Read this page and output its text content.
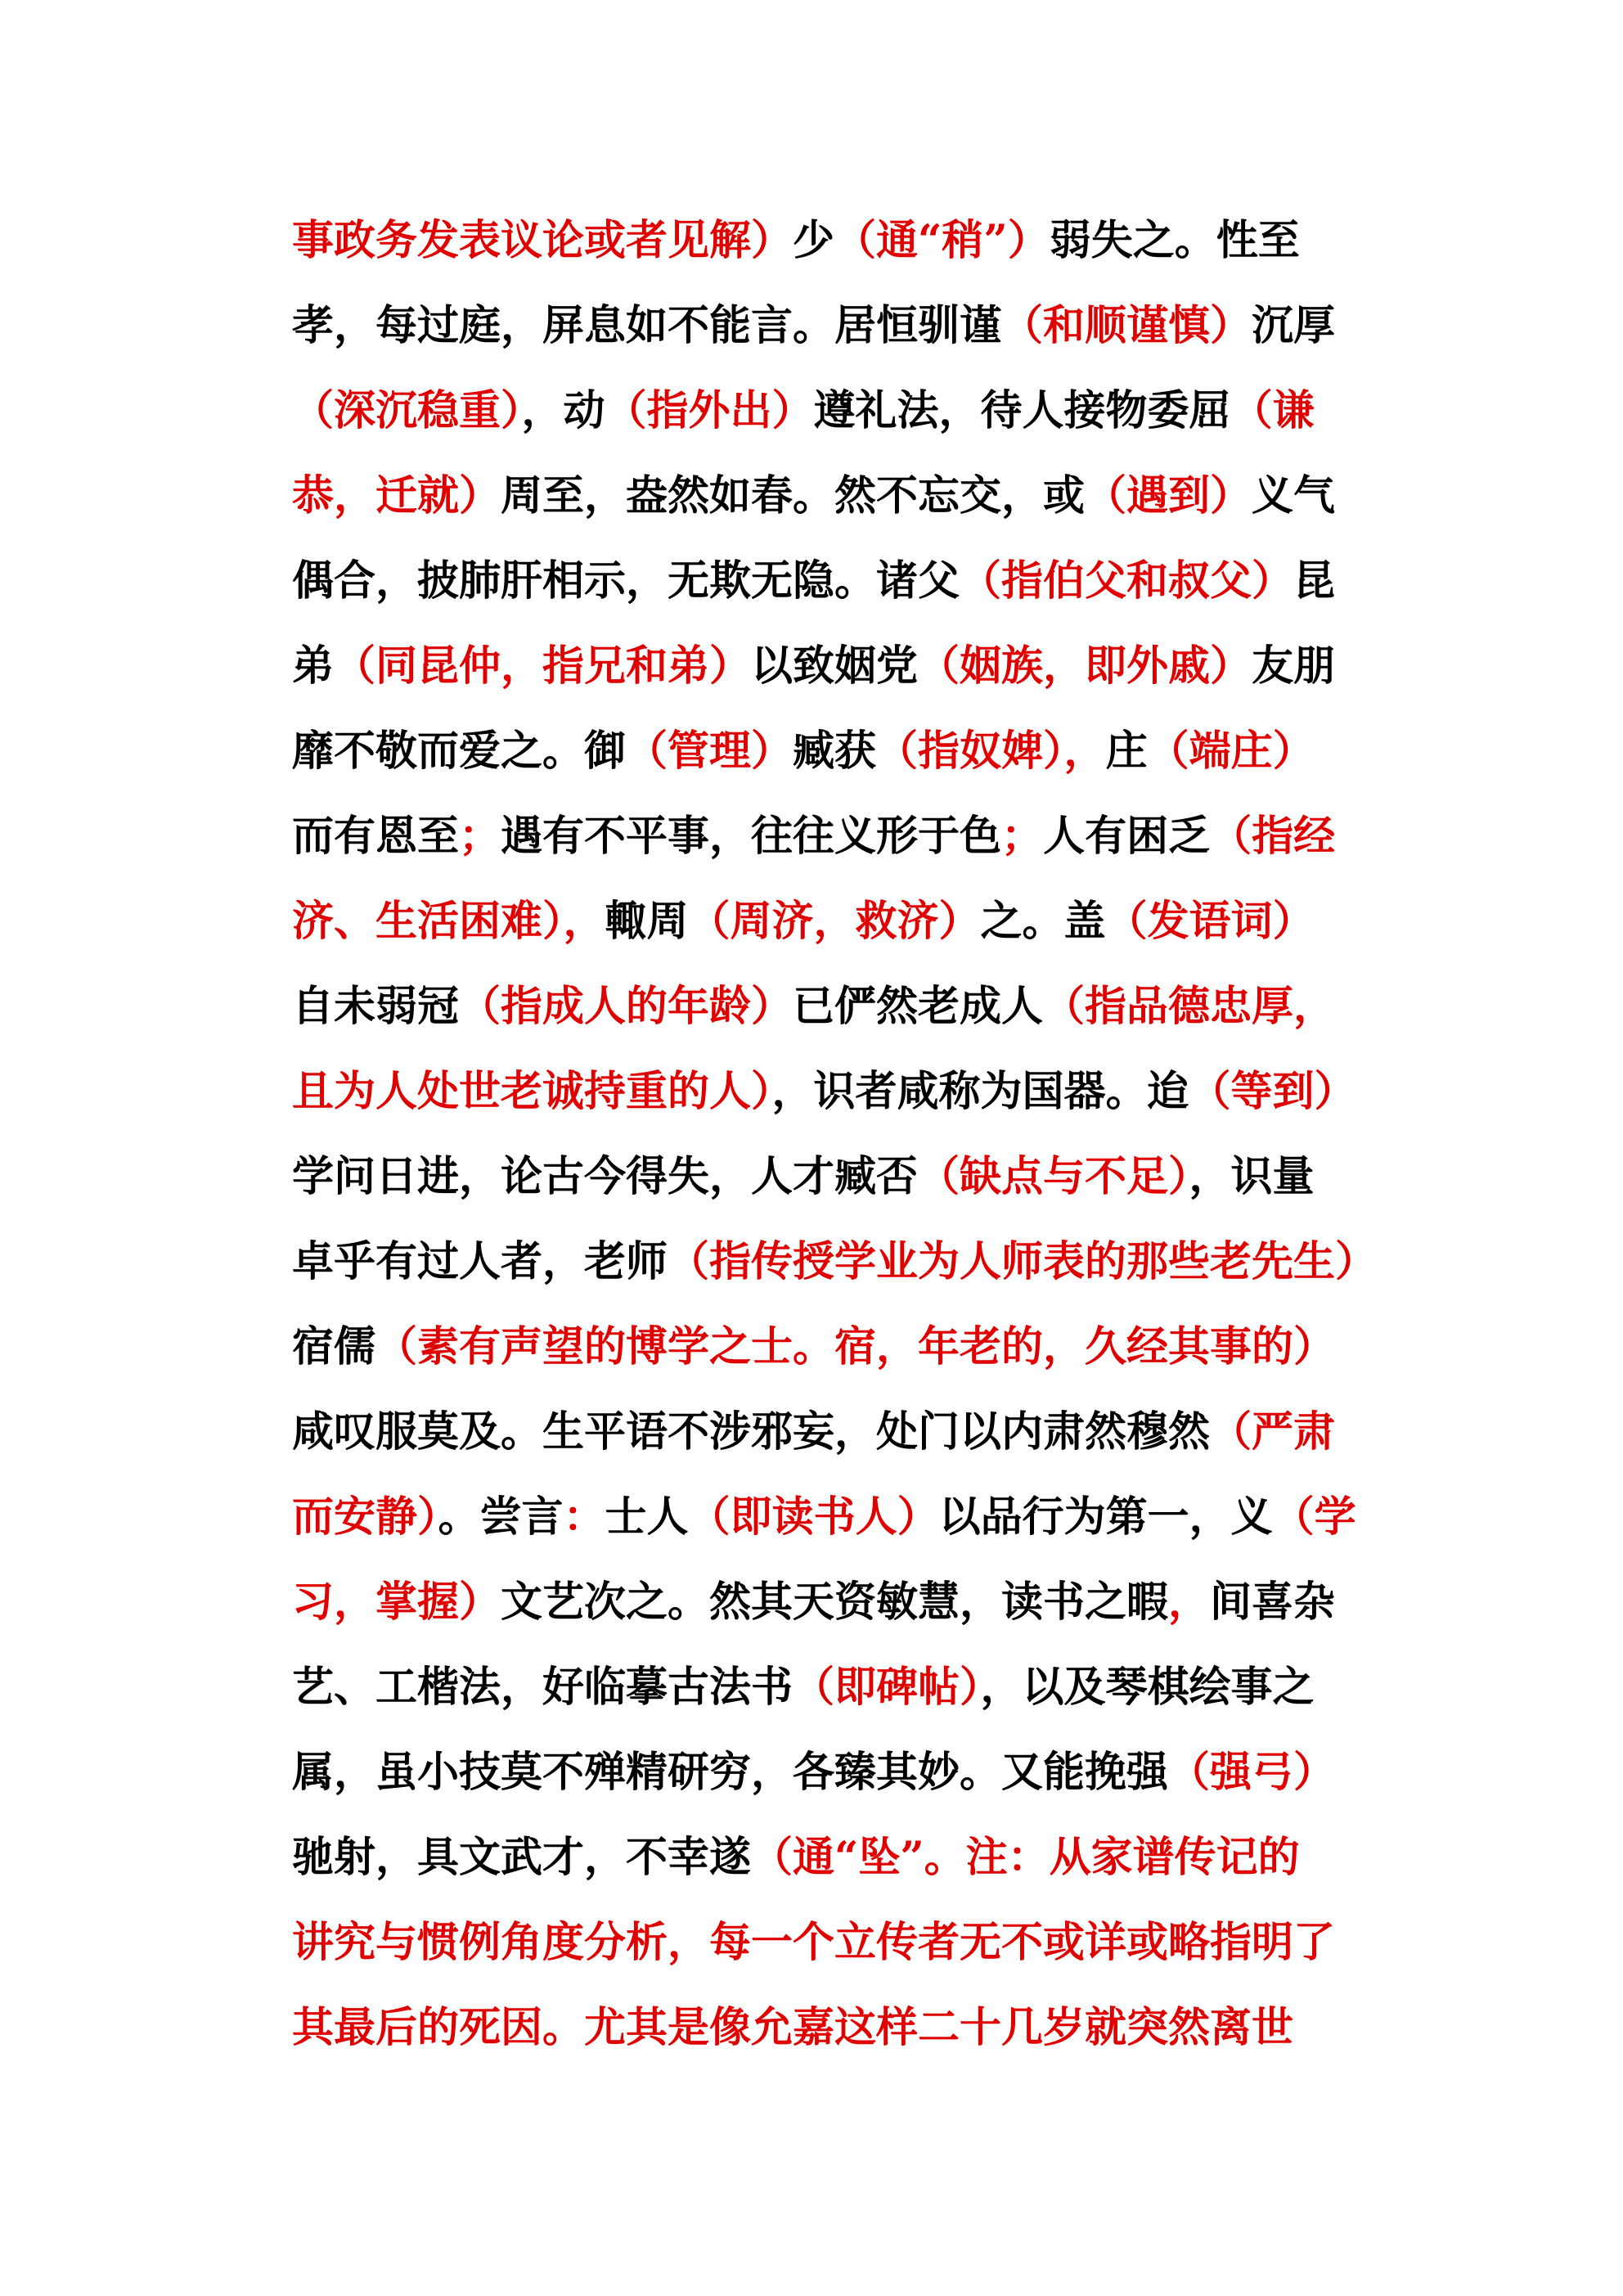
事政务发表议论或者见解）少（通“稍”）弱失之。性至
孝，每过庭，屏息如不能言。居恒驯谨（和顺谨慎）沉厚
（深沉稳重），动（指外出）遵礼法，待人接物委屈（谦
恭，迁就）周至，盎然如春。然不忘交，或（遇到）义气
偶合，披肺肝相示，无欺无隐。诸父（指伯父和叔父）昆
弟（同昆仲，指兄和弟）以致姻党（姻族，即外戚）友朋
靡不敬而爱之。御（管理）臧获（指奴婢），庄（端庄）
而有恩至；遇有不平事，往往义形于色；人有困乏（指经
济、生活困难），輙周（周济，救济）之。盖（发语词）
自未弱冠（指成人的年龄）已俨然老成人（指品德忠厚，
且为人处世老诚持重的人），识者咸称为国器。迨（等到）
学问日进，论古今得失，人才臧否（缺点与不足），识量
卓乎有过人者，老师（指传授学业为人师表的那些老先生）
宿儒（素有声望的博学之士。宿，年老的，久经其事的）
咸叹服莫及。生平语不涉邪妄，处门以内肃然穆然（严肃
而安静）。尝言：士人（即读书人）以品行为第一，义（学
习，掌握）文艺次之。然其天资敏慧，读书之暇，间喜杂
艺、工楷法，好临摹古法书（即碑帖），以及琴棋绘事之
属，虽小技莫不殚精研穷，各臻其妙。又能挽强（强弓）
驰射，具文武才，不幸遂（通“坠”。注：从家谱传记的
讲究与惯例角度分析，每一个立传者无不或详或略指明了
其最后的死因。尤其是像允嘉这样二十几岁就突然离世
